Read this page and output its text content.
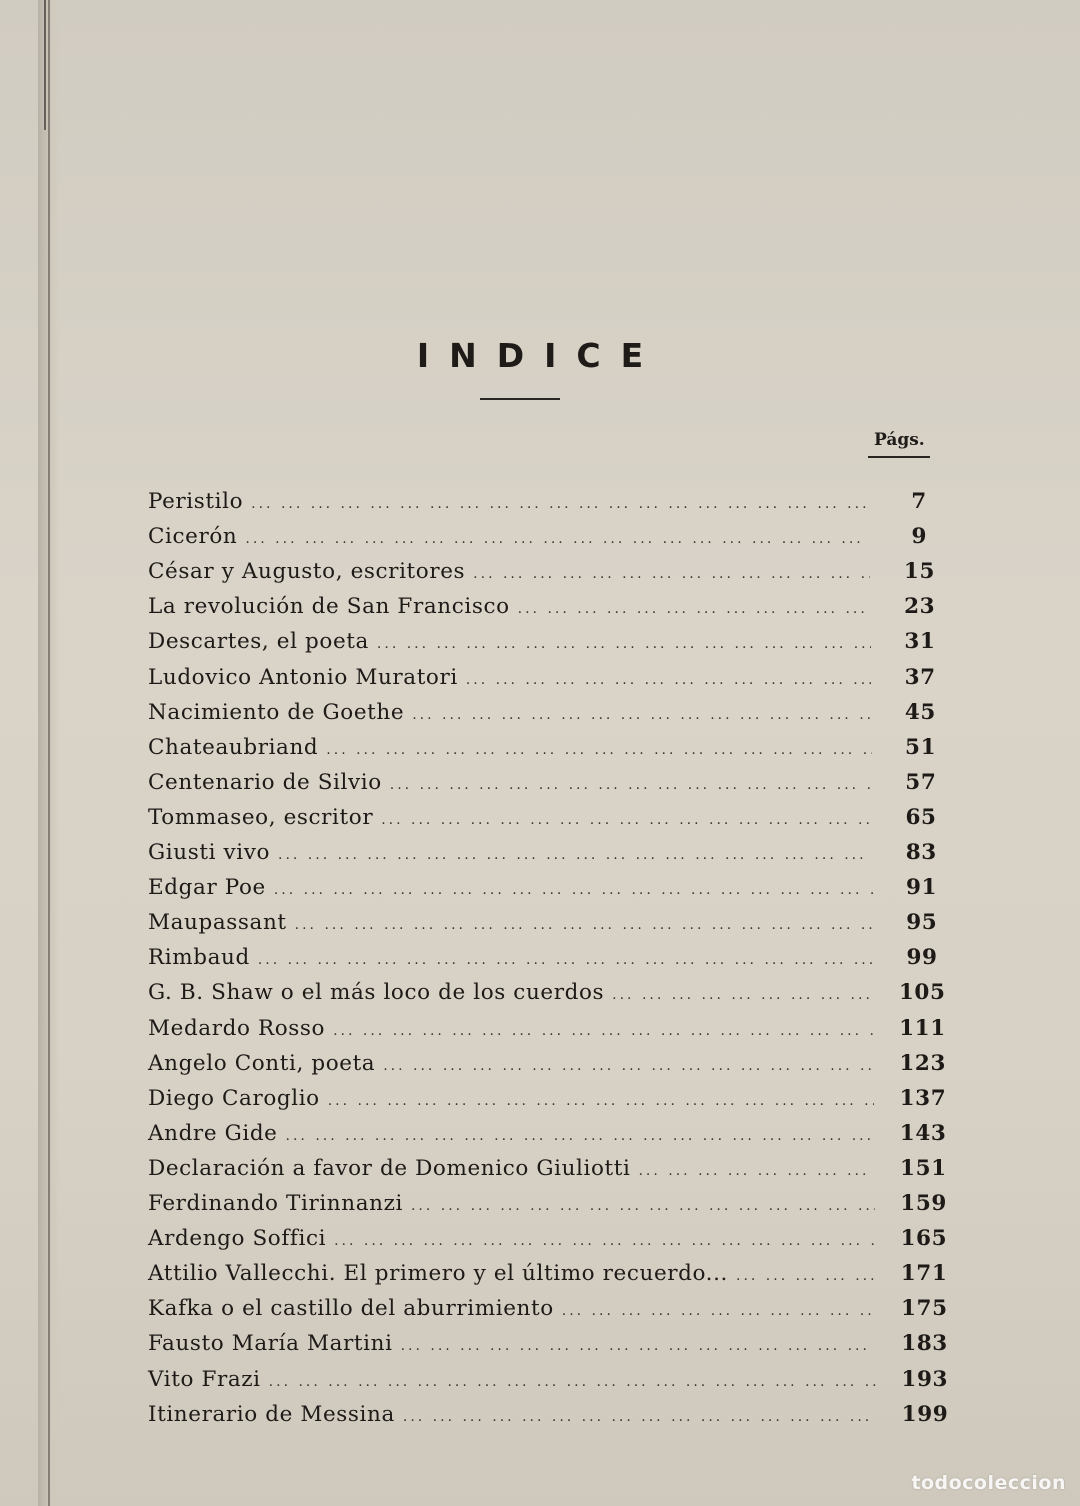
INDICE
Págs.
Peristilo ... .	7
Cicerón ... .	9
César y Augusto, escritores ... .	15
La revolución de San Francisco ... .	23
Descartes, el poeta ... .	31
Ludovico Antonio Muratori ... .	37
Nacimiento de Goethe ... .	45
Chateaubriand ... .	51
Centenario de Silvio ... .	57
Tommaseo, escritor ... .	65
Giusti vivo ... .	83
Edgar Poe ... .	91
Maupassant ... .	95
Rimbaud ... .	99
G. B. Shaw o el más loco de los cuerdos ... .	105
Medardo Rosso ... .	111
Angelo Conti, poeta ... .	123
Diego Caroglio ... .	137
Andre Gide ... .	143
Declaración a favor de Domenico Giuliotti ... .	151
Ferdinando Tirinnanzi ... .	159
Ardengo Soffici ... .	165
Attilio Vallecchi. El primero y el último recuerdo... ... .	171
Kafka o el castillo del aburrimiento ... .	175
Fausto María Martini ... .	183
Vito Frazi ... .	193
Itinerario de Messina ... .	199
todocoleccion
